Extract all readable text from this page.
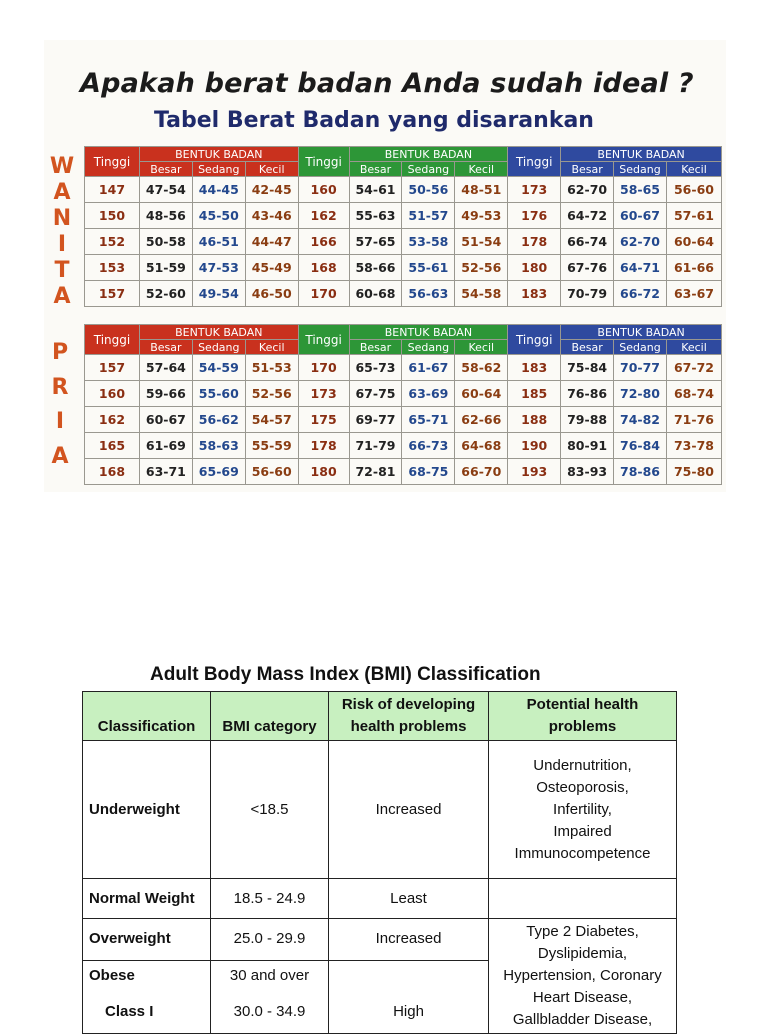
Apakah berat badan Anda sudah ideal ?
Tabel Berat Badan yang disarankan
W
A
N
I
T
A
P
R
I
A
Tinggi	BENTUK BADAN			Tinggi	BENTUK BADAN			Tinggi	BENTUK BADAN		
	Besar	Sedang	Kecil		Besar	Sedang	Kecil		Besar	Sedang	Kecil
147	47-54	44-45	42-45	160	54-61	50-56	48-51	173	62-70	58-65	56-60
150	48-56	45-50	43-46	162	55-63	51-57	49-53	176	64-72	60-67	57-61
152	50-58	46-51	44-47	166	57-65	53-58	51-54	178	66-74	62-70	60-64
153	51-59	47-53	45-49	168	58-66	55-61	52-56	180	67-76	64-71	61-66
157	52-60	49-54	46-50	170	60-68	56-63	54-58	183	70-79	66-72	63-67
Tinggi	BENTUK BADAN			Tinggi	BENTUK BADAN			Tinggi	BENTUK BADAN		
	Besar	Sedang	Kecil		Besar	Sedang	Kecil		Besar	Sedang	Kecil
157	57-64	54-59	51-53	170	65-73	61-67	58-62	183	75-84	70-77	67-72
160	59-66	55-60	52-56	173	67-75	63-69	60-64	185	76-86	72-80	68-74
162	60-67	56-62	54-57	175	69-77	65-71	62-66	188	79-88	74-82	71-76
165	61-69	58-63	55-59	178	71-79	66-73	64-68	190	80-91	76-84	73-78
168	63-71	65-69	56-60	180	72-81	68-75	66-70	193	83-93	78-86	75-80
Adult Body Mass Index (BMI) Classification
Classification	BMI category	Risk of developing health problems	Potential health problems
Underweight	<18.5	Increased	Undernutrition,
Osteoporosis,
Infertility,
Impaired
Immunocompetence

Normal Weight	18.5 - 24.9	Least	
Overweight	25.0 - 29.9	Increased	Type 2 Diabetes,
Dyslipidemia,
Hypertension, Coronary
Heart Disease,
Gallbladder Disease,

Obese	30 and over		
Class I	30.0 - 34.9	High	
